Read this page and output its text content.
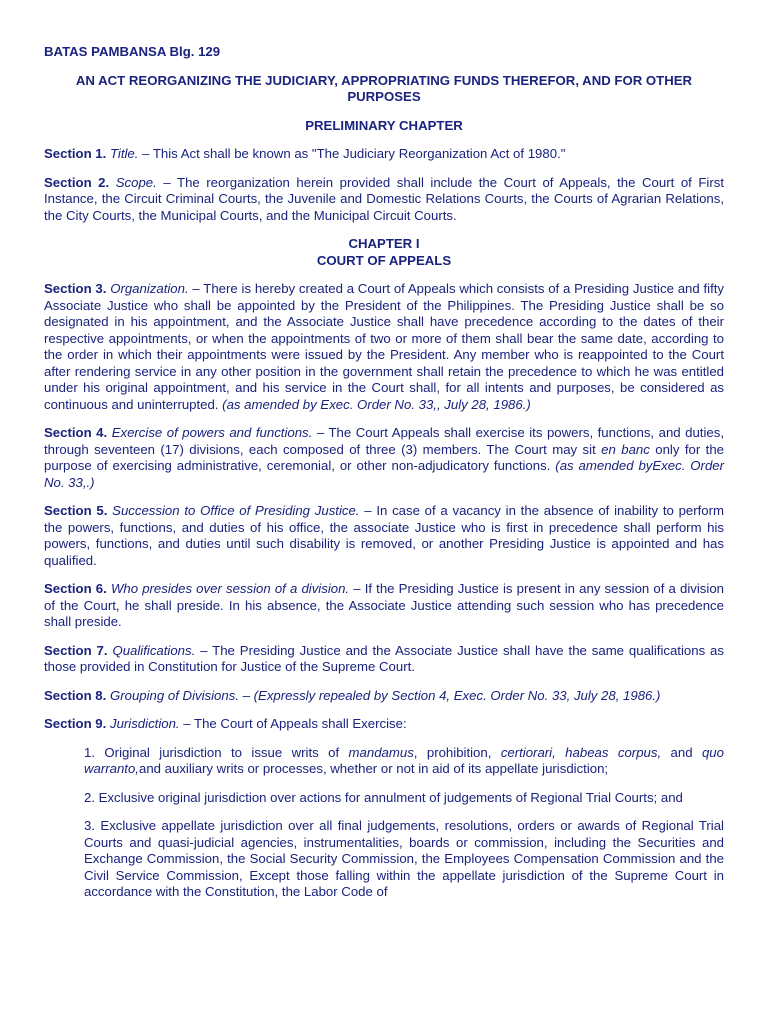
BATAS PAMBANSA Blg. 129

AN ACT REORGANIZING THE JUDICIARY, APPROPRIATING FUNDS THEREFOR, AND FOR OTHER PURPOSES

PRELIMINARY CHAPTER

Section 1. Title. – This Act shall be known as "The Judiciary Reorganization Act of 1980."

Section 2. Scope. – The reorganization herein provided shall include the Court of Appeals, the Court of First Instance, the Circuit Criminal Courts, the Juvenile and Domestic Relations Courts, the Courts of Agrarian Relations, the City Courts, the Municipal Courts, and the Municipal Circuit Courts.

CHAPTER I
COURT OF APPEALS

Section 3. Organization. – There is hereby created a Court of Appeals which consists of a Presiding Justice and fifty Associate Justice who shall be appointed by the President of the Philippines. The Presiding Justice shall be so designated in his appointment, and the Associate Justice shall have precedence according to the dates of their respective appointments, or when the appointments of two or more of them shall bear the same date, according to the order in which their appointments were issued by the President. Any member who is reappointed to the Court after rendering service in any other position in the government shall retain the precedence to which he was entitled under his original appointment, and his service in the Court shall, for all intents and purposes, be considered as continuous and uninterrupted. (as amended by Exec. Order No. 33,, July 28, 1986.)

Section 4. Exercise of powers and functions. – The Court Appeals shall exercise its powers, functions, and duties, through seventeen (17) divisions, each composed of three (3) members. The Court may sit en banc only for the purpose of exercising administrative, ceremonial, or other non-adjudicatory functions. (as amended byExec. Order No. 33,.)

Section 5. Succession to Office of Presiding Justice. – In case of a vacancy in the absence of inability to perform the powers, functions, and duties of his office, the associate Justice who is first in precedence shall perform his powers, functions, and duties until such disability is removed, or another Presiding Justice is appointed and has qualified.

Section 6. Who presides over session of a division. – If the Presiding Justice is present in any session of a division of the Court, he shall preside. In his absence, the Associate Justice attending such session who has precedence shall preside.

Section 7. Qualifications. – The Presiding Justice and the Associate Justice shall have the same qualifications as those provided in Constitution for Justice of the Supreme Court.

Section 8. Grouping of Divisions. – (Expressly repealed by Section 4, Exec. Order No. 33, July 28, 1986.)

Section 9. Jurisdiction. – The Court of Appeals shall Exercise:

1. Original jurisdiction to issue writs of mandamus, prohibition, certiorari, habeas corpus, and quo warranto,and auxiliary writs or processes, whether or not in aid of its appellate jurisdiction;

2. Exclusive original jurisdiction over actions for annulment of judgements of Regional Trial Courts; and

3. Exclusive appellate jurisdiction over all final judgements, resolutions, orders or awards of Regional Trial Courts and quasi-judicial agencies, instrumentalities, boards or commission, including the Securities and Exchange Commission, the Social Security Commission, the Employees Compensation Commission and the Civil Service Commission, Except those falling within the appellate jurisdiction of the Supreme Court in accordance with the Constitution, the Labor Code of
